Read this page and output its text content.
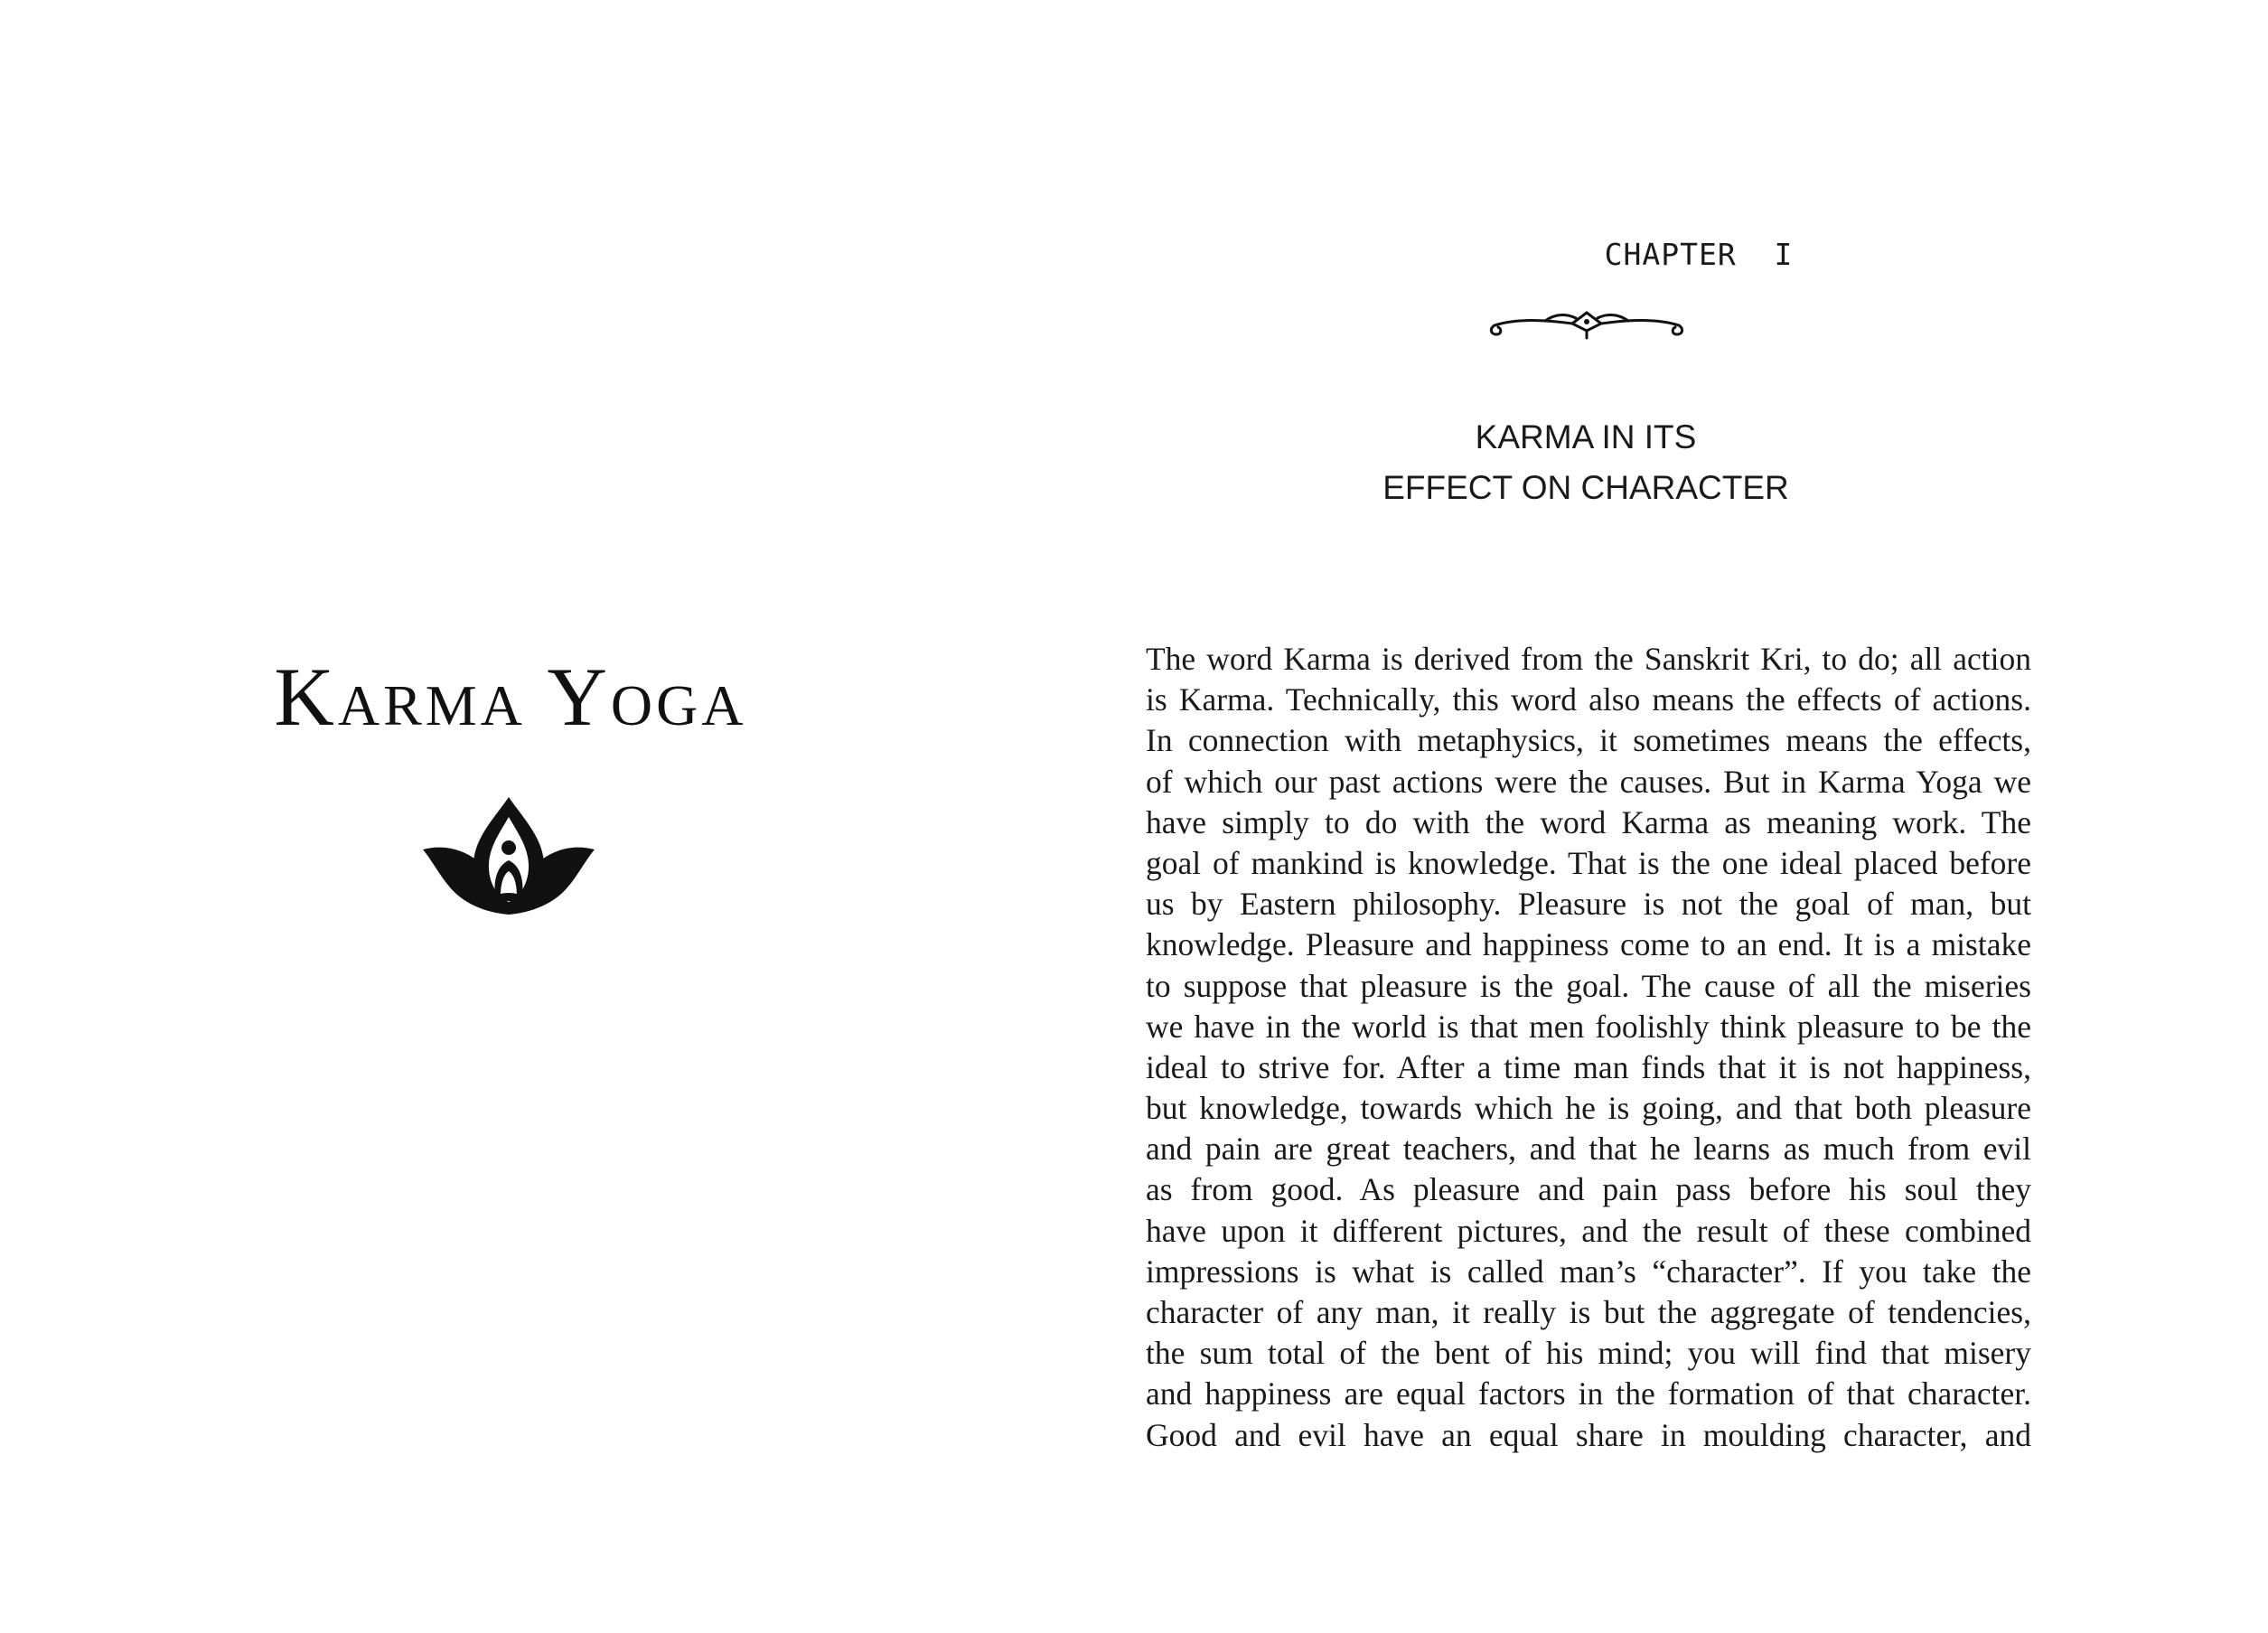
Karma Yoga
CHAPTER  I
KARMA IN ITS
EFFECT ON CHARACTER
The word Karma is derived from the Sanskrit Kri, to do; all action
is Karma. Technically, this word also means the effects of actions.
In connection with metaphysics, it sometimes means the effects,
of which our past actions were the causes. But in Karma Yoga we
have simply to do with the word Karma as meaning work. The
goal of mankind is knowledge. That is the one ideal placed before
us by Eastern philosophy. Pleasure is not the goal of man, but
knowledge. Pleasure and happiness come to an end. It is a mistake
to suppose that pleasure is the goal. The cause of all the miseries
we have in the world is that men foolishly think pleasure to be the
ideal to strive for. After a time man finds that it is not happiness,
but knowledge, towards which he is going, and that both pleasure
and pain are great teachers, and that he learns as much from evil
as from good. As pleasure and pain pass before his soul they
have upon it different pictures, and the result of these combined
impressions is what is called man’s “character”. If you take the
character of any man, it really is but the aggregate of tendencies,
the sum total of the bent of his mind; you will find that misery
and happiness are equal factors in the formation of that character.
Good and evil have an equal share in moulding character, and
